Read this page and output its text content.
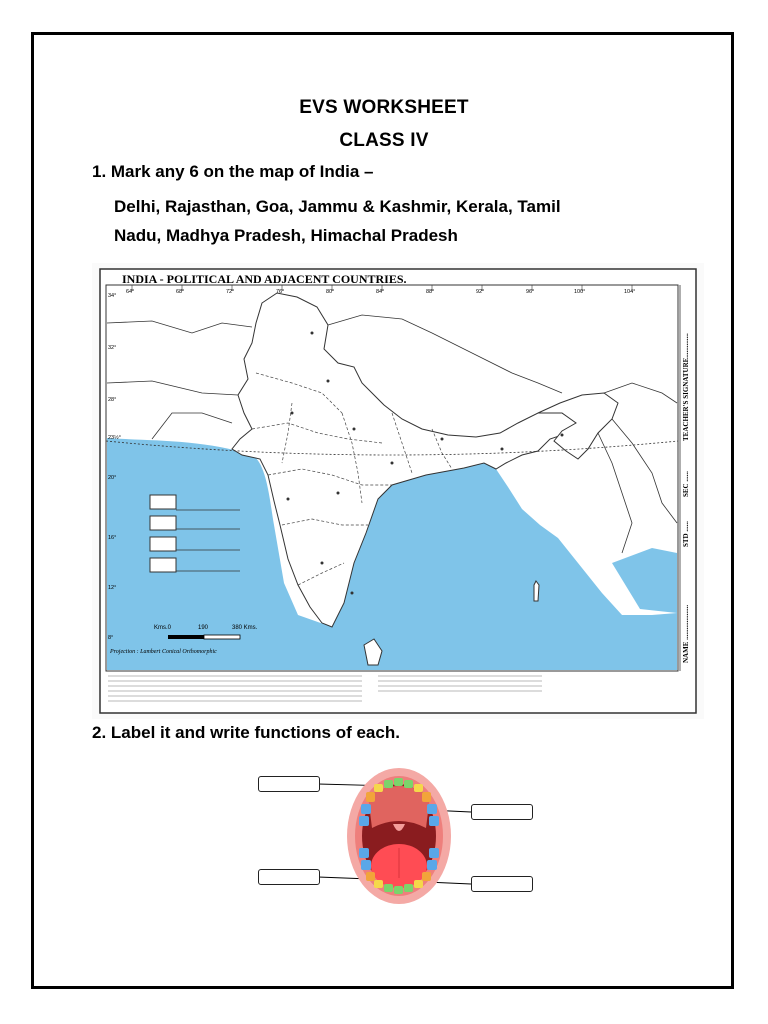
EVS WORKSHEET
CLASS IV
1. Mark any 6 on the map of India –
Delhi, Rajasthan, Goa, Jammu & Kashmir, Kerala, Tamil
Nadu, Madhya Pradesh, Himachal Pradesh
INDIA - POLITICAL AND ADJACENT COUNTRIES.
64°	68°	72°	76°	80°	84°	88°	92°	96°	100°	104°
34°
32°
28°
23½°
20°
16°
12°
8°
Kms.0	190	380 Kms.
Projection : Lambert Conical Orthomorphic	NAME ....................
STD ......
SEC ......
TEACHER'S SIGNATURE..............
2. Label it and write functions of each.
